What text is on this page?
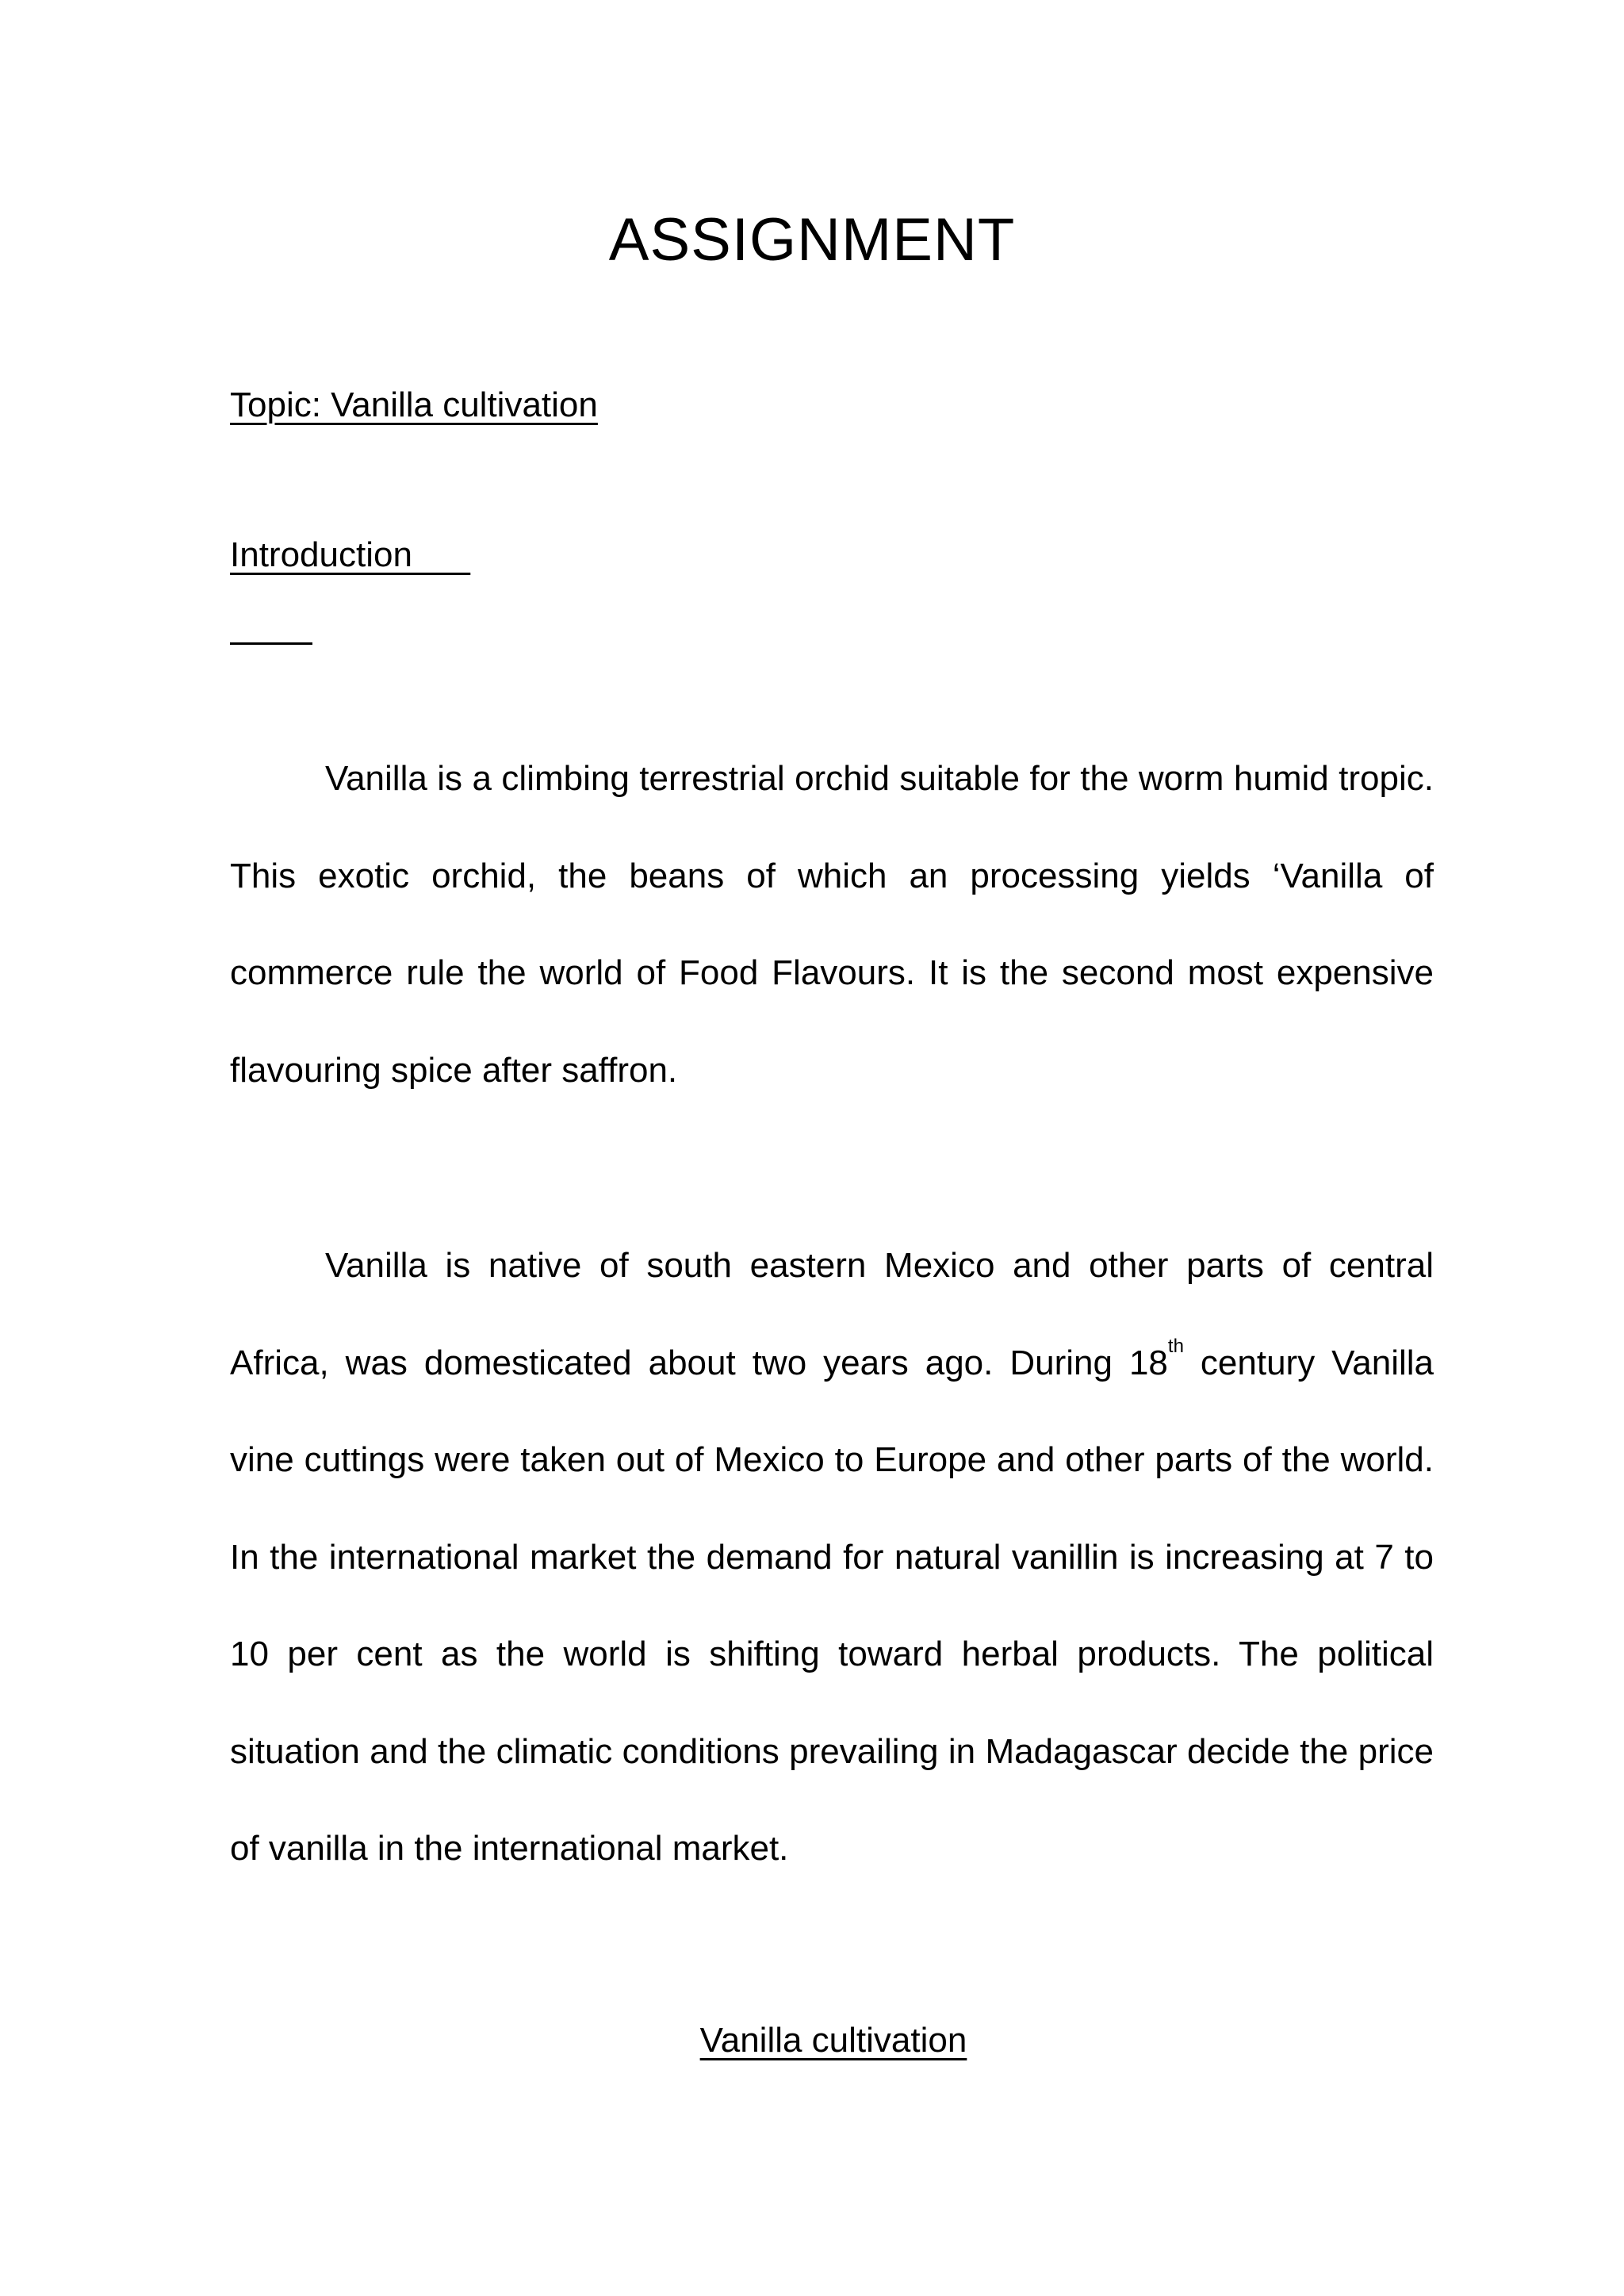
ASSIGNMENT
Topic: Vanilla cultivation
Introduction

Vanilla is a climbing terrestrial orchid suitable for the worm humid tropic. This exotic orchid, the beans of which an processing yields ‘Vanilla of commerce rule the world of Food Flavours. It is the second most expensive flavouring spice after saffron.

Vanilla is native of south eastern Mexico and other parts of central Africa, was domesticated about two years ago. During 18th century Vanilla vine cuttings were taken out of Mexico to Europe and other parts of the world. In the international market the demand for natural vanillin is increasing at 7 to 10 per cent as the world is shifting toward herbal products. The political situation and the climatic conditions prevailing in Madagascar decide the price of vanilla in the international market.

Vanilla cultivation
